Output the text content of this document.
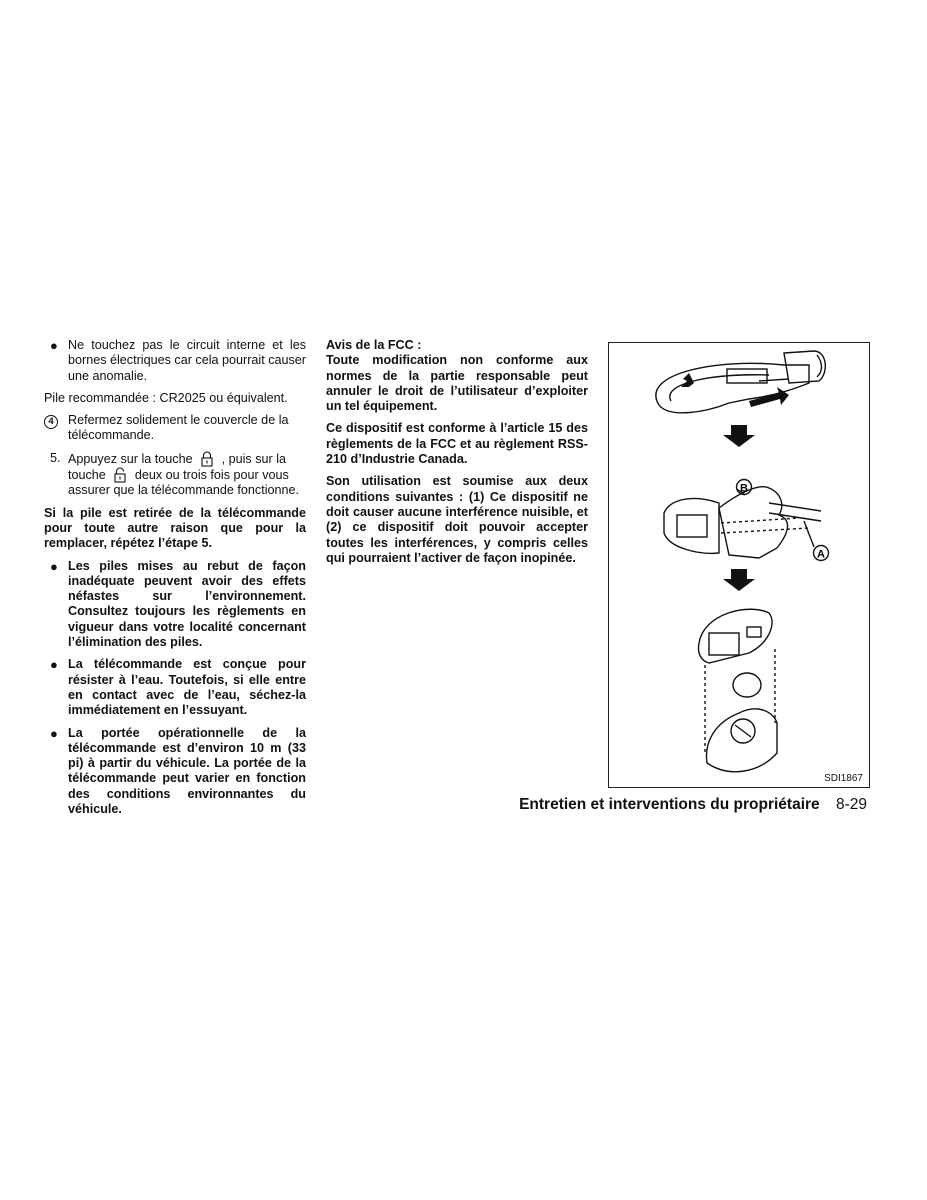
● Ne touchez pas le circuit interne et les bornes électriques car cela pourrait causer une anomalie.

Pile recommandée : CR2025 ou équivalent.

4	Refermez solidement le couvercle de la télécommande.
5. Appuyez sur la touche , puis sur la touche deux ou trois fois pour vous assurer que la télécommande fonctionne.

Si la pile est retirée de la télécommande pour toute autre raison que pour la remplacer, répétez l’étape 5.

● Les piles mises au rebut de façon inadéquate peuvent avoir des effets néfastes sur l’environnement. Consultez toujours les règlements en vigueur dans votre localité concernant l’élimination des piles.
● La télécommande est conçue pour résister à l’eau. Toutefois, si elle entre en contact avec de l’eau, séchez-la immédiatement en l’essuyant.
● La portée opérationnelle de la télécommande est d’environ 10 m (33 pi) à partir du véhicule. La portée de la télécommande peut varier en fonction des conditions environnantes du véhicule.
Avis de la FCC :

Toute modification non conforme aux normes de la partie responsable peut annuler le droit de l’utilisateur d’exploiter un tel équipement.

Ce dispositif est conforme à l’article 15 des règlements de la FCC et au règlement RSS-210 d’Industrie Canada.

Son utilisation est soumise aux deux conditions suivantes : (1) Ce dispositif ne doit causer aucune interférence nuisible, et (2) ce dispositif doit pouvoir accepter toutes les interférences, y compris celles qui pourraient l’activer de façon inopinée.

B
A
SDI1867
Entretien et interventions du propriétaire 8-29
